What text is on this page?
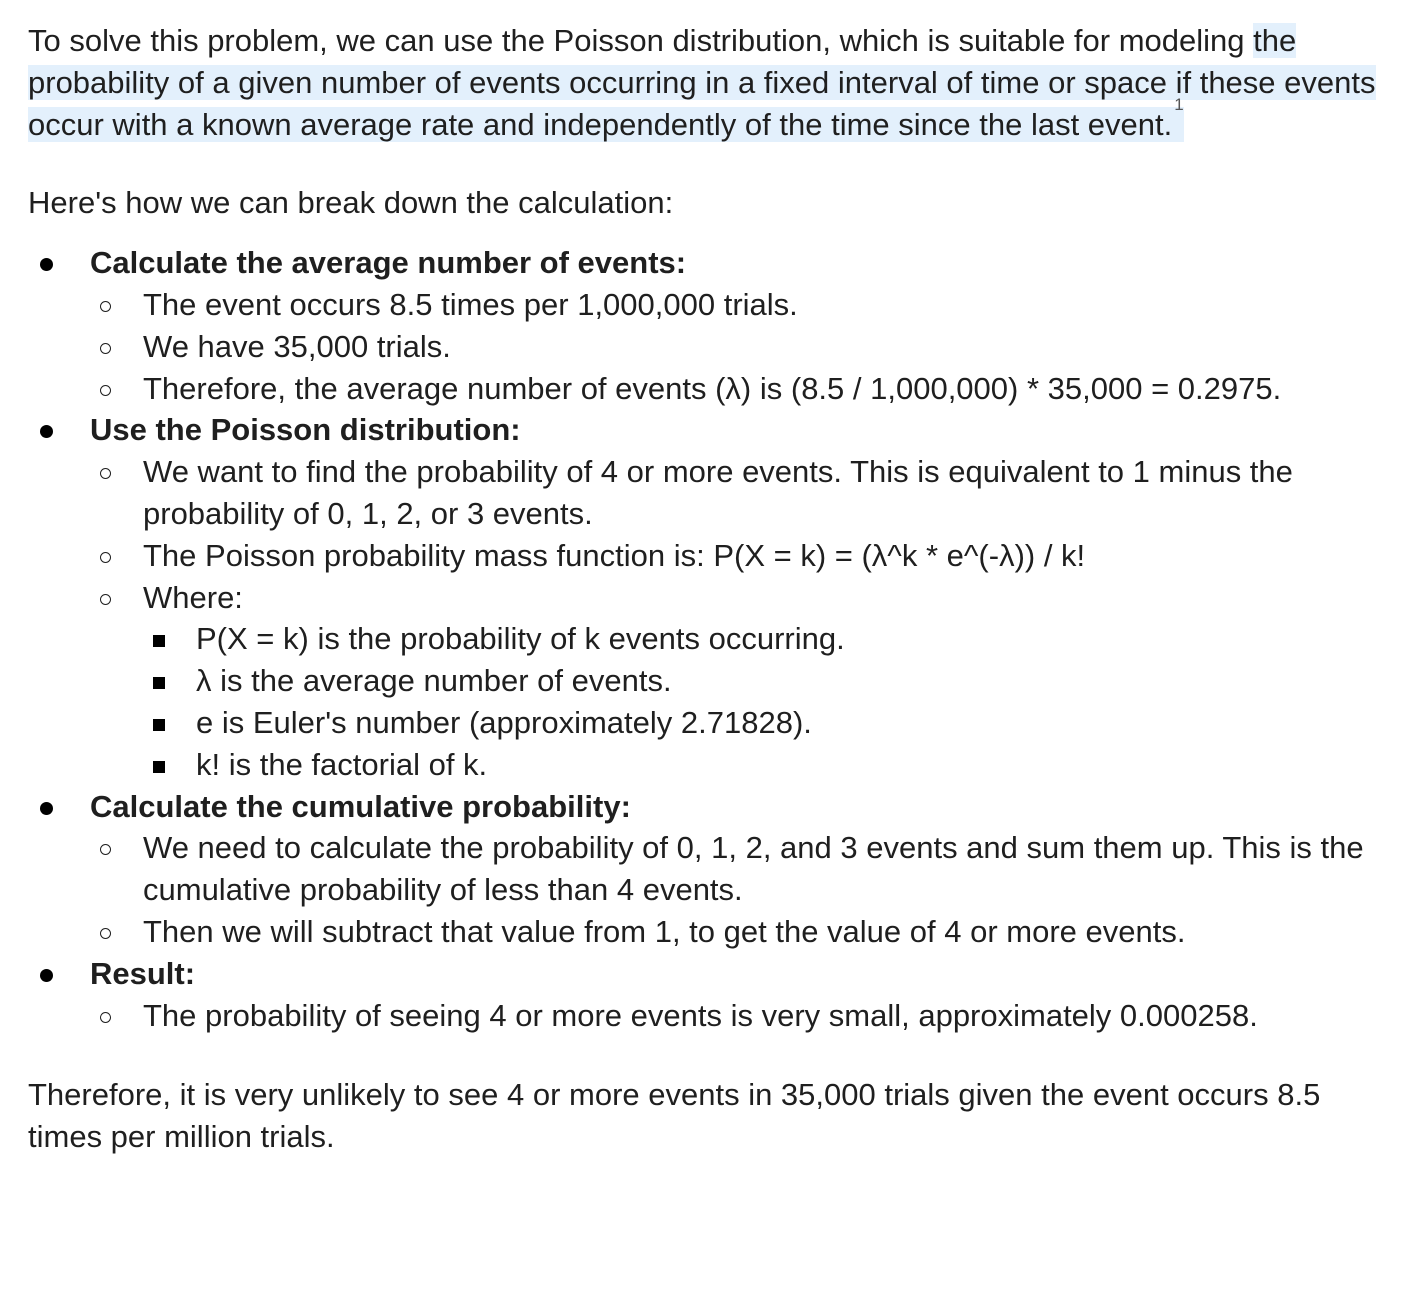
To solve this problem, we can use the Poisson distribution, which is suitable for modeling the probability of a given number of events occurring in a fixed interval of time or space if these events occur with a known average rate and independently of the time since the last event.$^1$

Here's how we can break down the calculation:

Calculate the average number of events:
The event occurs 8.5 times per 1,000,000 trials.
We have 35,000 trials.
Therefore, the average number of events (λ) is (8.5 / 1,000,000) * 35,000 = 0.2975.
Use the Poisson distribution:
We want to find the probability of 4 or more events. This is equivalent to 1 minus the probability of 0, 1, 2, or 3 events.
The Poisson probability mass function is: P(X = k) = (λ^k * e^(-λ)) / k!
Where:
P(X = k) is the probability of k events occurring.
λ is the average number of events.
e is Euler's number (approximately 2.71828).
k! is the factorial of k.
Calculate the cumulative probability:
We need to calculate the probability of 0, 1, 2, and 3 events and sum them up. This is the cumulative probability of less than 4 events.
Then we will subtract that value from 1, to get the value of 4 or more events.
Result:
The probability of seeing 4 or more events is very small, approximately 0.000258.

Therefore, it is very unlikely to see 4 or more events in 35,000 trials given the event occurs 8.5 times per million trials.
